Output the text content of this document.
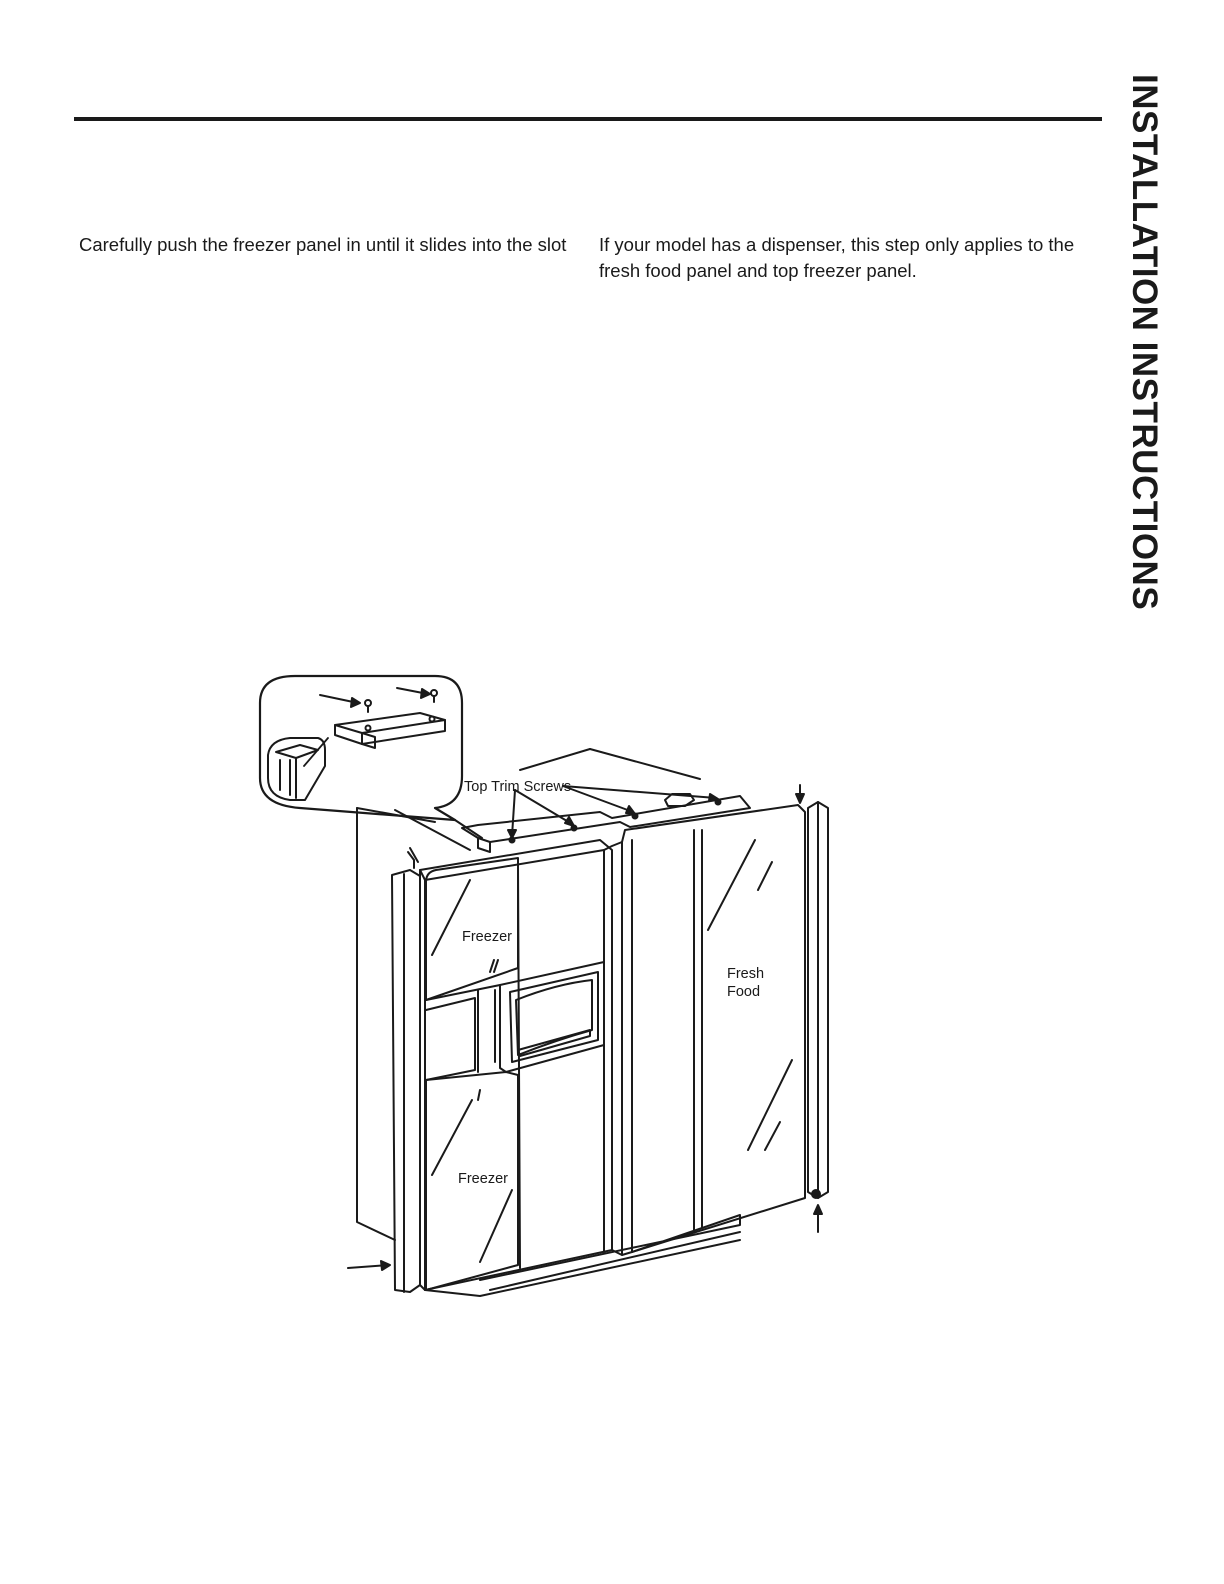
INSTALLATION INSTRUCTIONS
Carefully push the freezer panel in until it slides into the slot	If your model has a dispenser, this step only applies to the fresh food panel and top freezer panel.
Top Trim Screws
Freezer
Freezer
Fresh
Food
